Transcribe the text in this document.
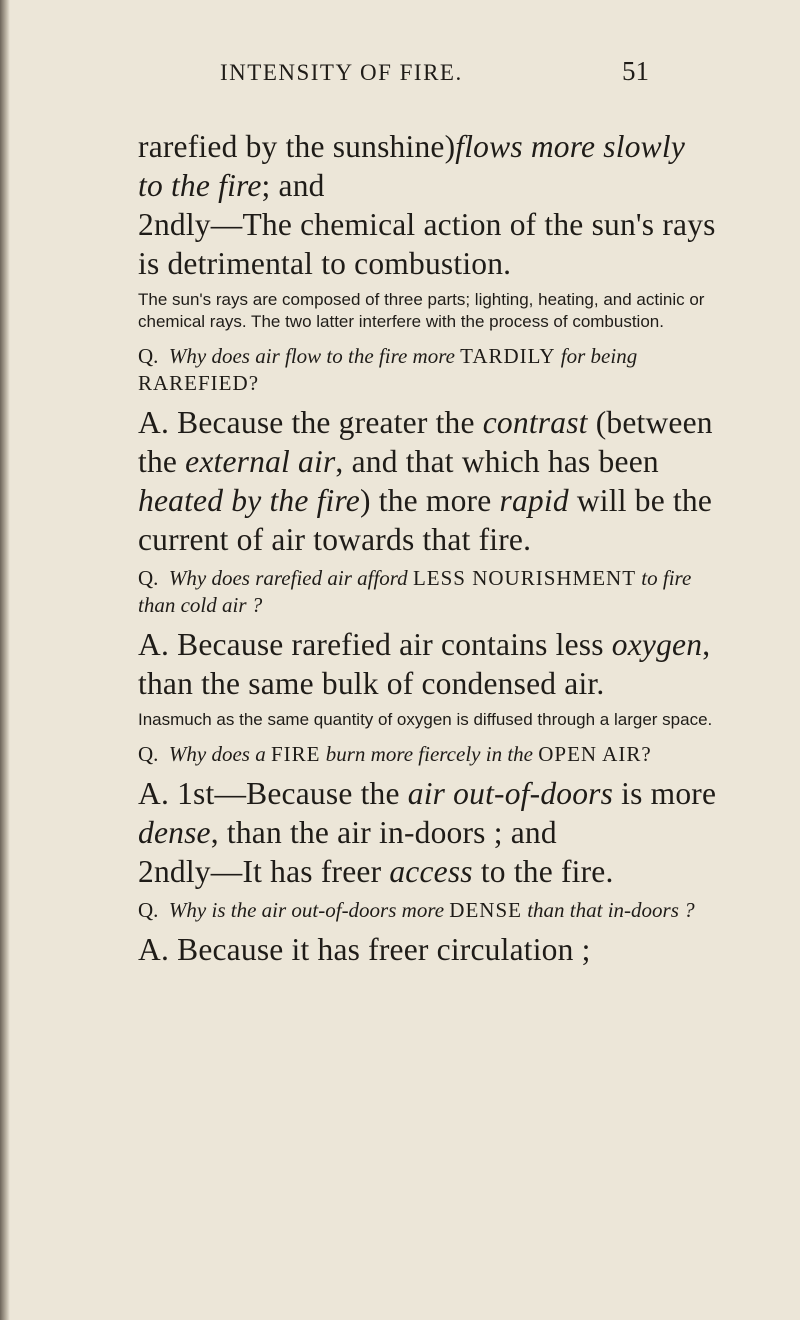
INTENSITY OF FIRE.	51

rarefied by the sunshine)flows more slowly
to the fire; and

2ndly—The chemical action of the sun's rays is detrimental to combustion.

The sun's rays are composed of three parts; lighting, heating, and actinic or chemical rays. The two latter interfere with the process of combustion.

Q. Why does air flow to the fire more TARDILY for being RAREFIED?

A. Because the greater the contrast (between the external air, and that which has been heated by the fire) the more rapid will be the current of air towards that fire.

Q. Why does rarefied air afford LESS NOURISHMENT to fire than cold air ?

A. Because rarefied air contains less oxygen, than the same bulk of condensed air.

Inasmuch as the same quantity of oxygen is diffused through a larger space.

Q. Why does a FIRE burn more fiercely in the OPEN AIR?

A. 1st—Because the air out-of-doors is more dense, than the air in-doors ; and
2ndly—It has freer access to the fire.

Q. Why is the air out-of-doors more DENSE than that in-doors ?

A. Because it has freer circulation ;
